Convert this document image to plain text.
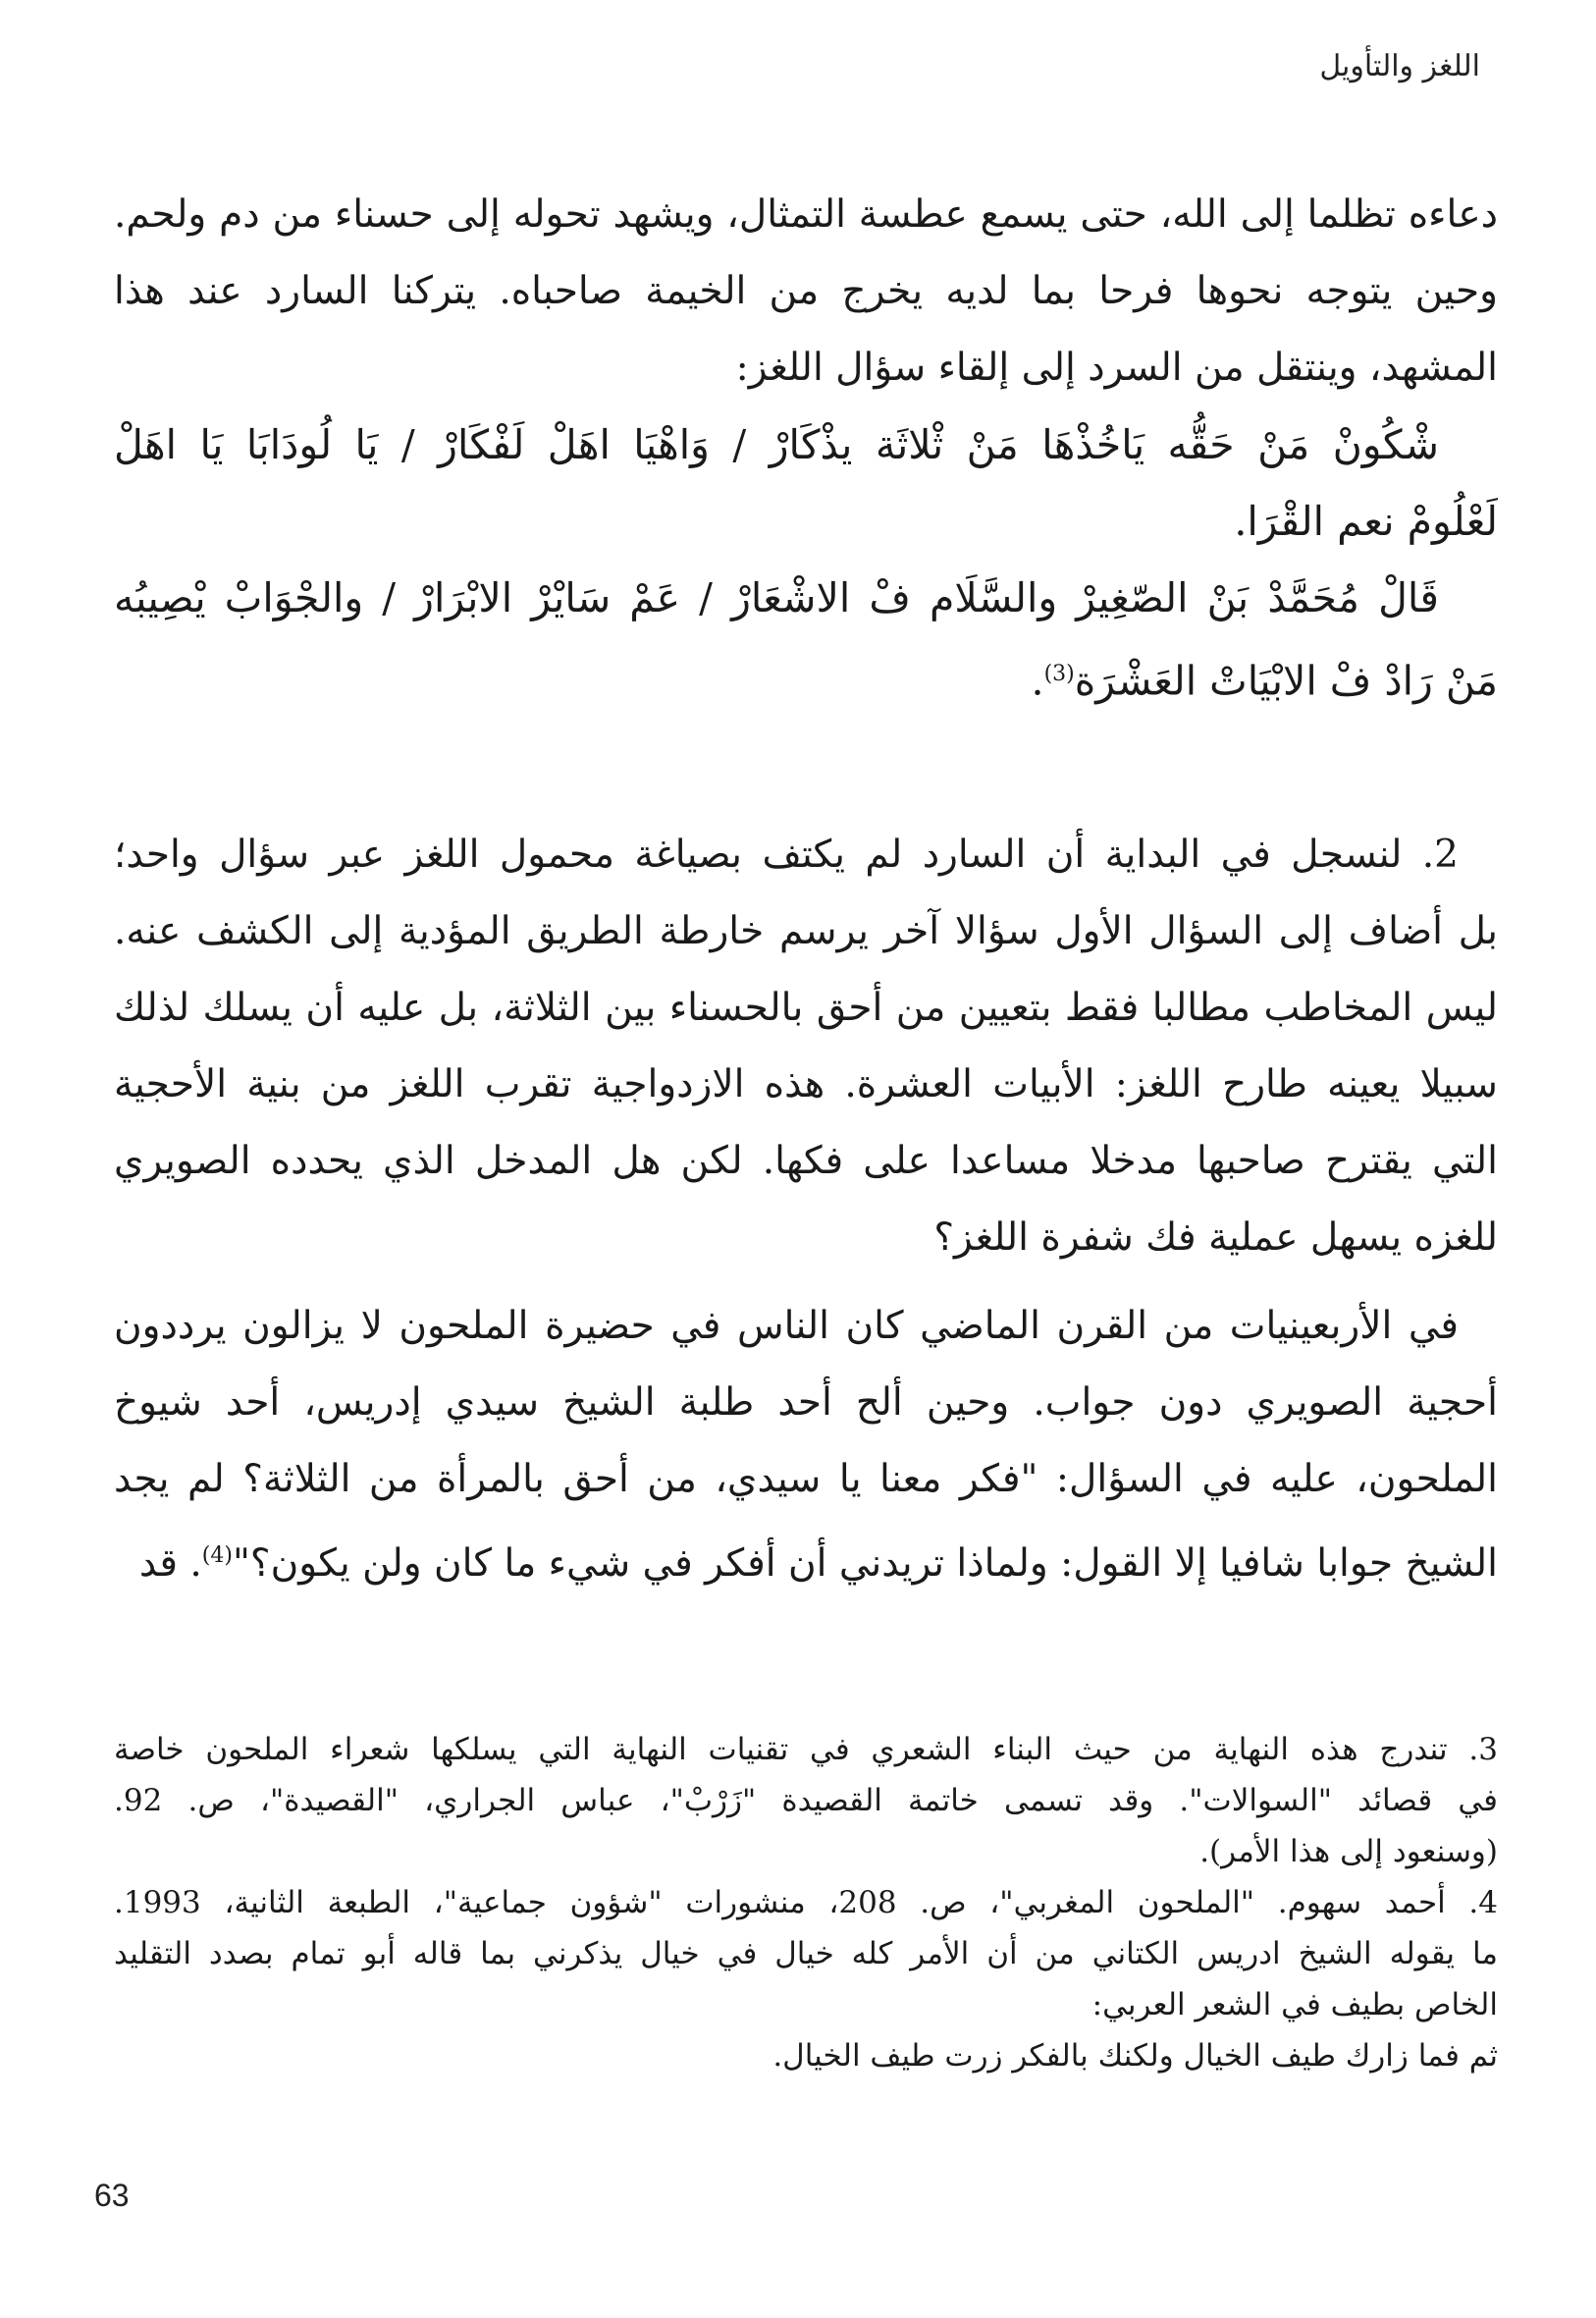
اللغز والتأويل
دعاءه تظلما إلى الله، حتى يسمع عطسة التمثال، ويشهد تحوله إلى حسناء من دم ولحم.
وحين يتوجه نحوها فرحا بما لديه يخرج من الخيمة صاحباه. يتركنا السارد عند هذا
المشهد، وينتقل من السرد إلى إلقاء سؤال اللغز:
شْكُونْ مَنْ حَقُّه يَاخُذْهَا مَنْ ثْلاثَة يذْكَارْ / وَاهْيَا اهَلْ لَفْكَارْ / يَا لُودَابَا يَا اهَلْ
لَعْلُومْ نعم القْرَا.
قَالْ مُحَمَّدْ بَنْ الصّغِيرْ والسَّلَام فْ الاشْعَارْ / عَمْ سَايْرْ الابْرَارْ / والجْوَابْ يْصِيبُه
مَنْ رَادْ فْ الابْيَاتْ العَشْرَة$^{(3)}$.
2. لنسجل في البداية أن السارد لم يكتف بصياغة محمول اللغز عبر سؤال واحد؛
بل أضاف إلى السؤال الأول سؤالا آخر يرسم خارطة الطريق المؤدية إلى الكشف عنه.
ليس المخاطب مطالبا فقط بتعيين من أحق بالحسناء بين الثلاثة، بل عليه أن يسلك لذلك
سبيلا يعينه طارح اللغز: الأبيات العشرة. هذه الازدواجية تقرب اللغز من بنية الأحجية
التي يقترح صاحبها مدخلا مساعدا على فكها. لكن هل المدخل الذي يحدده الصويري
للغزه يسهل عملية فك شفرة اللغز؟
في الأربعينيات من القرن الماضي كان الناس في حضيرة الملحون لا يزالون يرددون
أحجية الصويري دون جواب. وحين ألح أحد طلبة الشيخ سيدي إدريس، أحد شيوخ
الملحون، عليه في السؤال: "فكر معنا يا سيدي، من أحق بالمرأة من الثلاثة؟ لم يجد
الشيخ جوابا شافيا إلا القول: ولماذا تريدني أن أفكر في شيء ما كان ولن يكون؟"$^{(4)}$. قد
3. تندرج هذه النهاية من حيث البناء الشعري في تقنيات النهاية التي يسلكها شعراء الملحون خاصة
في قصائد "السوالات". وقد تسمى خاتمة القصيدة "زَرْبْ"، عباس الجراري، "القصيدة"، ص. 92.
(وسنعود إلى هذا الأمر).
4. أحمد سهوم. "الملحون المغربي"، ص. 208، منشورات "شؤون جماعية"، الطبعة الثانية، 1993.
ما يقوله الشيخ ادريس الكتاني من أن الأمر كله خيال في خيال يذكرني بما قاله أبو تمام بصدد التقليد
الخاص بطيف في الشعر العربي:
ثم فما زارك طيف الخيال ولكنك بالفكر زرت طيف الخيال.
63
